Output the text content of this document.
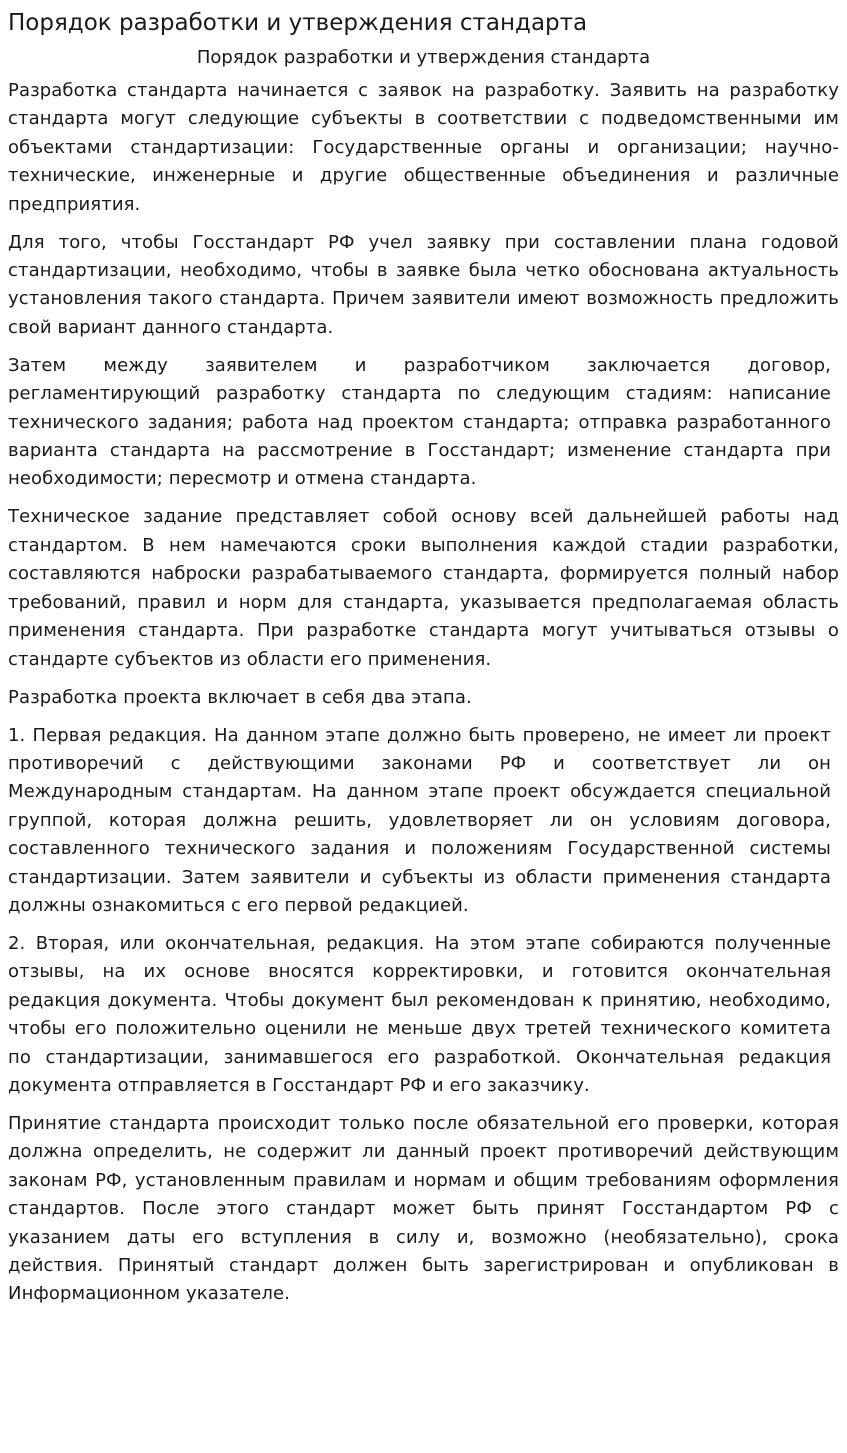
Порядок разработки и утверждения стандарта
Порядок разработки и утверждения стандарта

Разработка стандарта начинается с заявок на разработку. Заявить на разработку стандарта могут следующие субъекты в соответствии с подведомственными им объектами стандартизации: Государственные органы и организации; научно-технические, инженерные и другие общественные объединения и различные предприятия.

Для того, чтобы Госстандарт РФ учел заявку при составлении плана годовой стандартизации, необходимо, чтобы в заявке была четко обоснована актуальность установления такого стандарта. Причем заявители имеют возможность предложить свой вариант данного стандарта.

Затем между заявителем и разработчиком заключается договор, регламентирующий разработку стандарта по следующим стадиям: написание технического задания; работа над проектом стандарта; отправка разработанного варианта стандарта на рассмотрение в Госстандарт; изменение стандарта при необходимости; пересмотр и отмена стандарта.

Техническое задание представляет собой основу всей дальнейшей работы над стандартом. В нем намечаются сроки выполнения каждой стадии разработки, составляются наброски разрабатываемого стандарта, формируется полный набор требований, правил и норм для стандарта, указывается предполагаемая область применения стандарта. При разработке стандарта могут учитываться отзывы о стандарте субъектов из области его применения.

Разработка проекта включает в себя два этапа.

1. Первая редакция. На данном этапе должно быть проверено, не имеет ли проект противоречий с действующими законами РФ и соответствует ли он Международным стандартам. На данном этапе проект обсуждается специальной группой, которая должна решить, удовлетворяет ли он условиям договора, составленного технического задания и положениям Государственной системы стандартизации. Затем заявители и субъекты из области применения стандарта должны ознакомиться с его первой редакцией.

2. Вторая, или окончательная, редакция. На этом этапе собираются полученные отзывы, на их основе вносятся корректировки, и готовится окончательная редакция документа. Чтобы документ был рекомендован к принятию, необходимо, чтобы его положительно оценили не меньше двух третей технического комитета по стандартизации, занимавшегося его разработкой. Окончательная редакция документа отправляется в Госстандарт РФ и его заказчику.

Принятие стандарта происходит только после обязательной его проверки, которая должна определить, не содержит ли данный проект противоречий действующим законам РФ, установленным правилам и нормам и общим требованиям оформления стандартов. После этого стандарт может быть принят Госстандартом РФ с указанием даты его вступления в силу и, возможно (необязательно), срока действия. Принятый стандарт должен быть зарегистрирован и опубликован в Информационном указателе.
